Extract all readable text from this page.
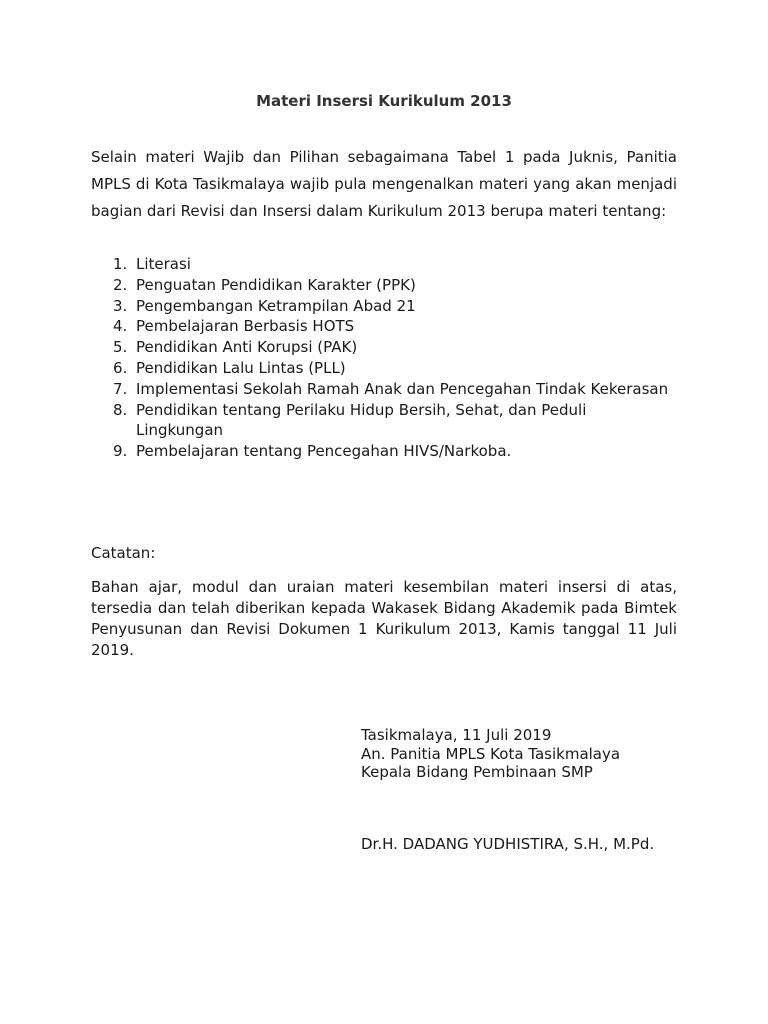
Materi Insersi Kurikulum 2013

Selain materi Wajib dan Pilihan sebagaimana Tabel 1 pada Juknis, Panitia MPLS di Kota Tasikmalaya wajib pula mengenalkan materi yang akan menjadi bagian dari Revisi dan Insersi dalam Kurikulum 2013 berupa materi tentang:

1. Literasi
2. Penguatan Pendidikan Karakter (PPK)
3. Pengembangan Ketrampilan Abad 21
4. Pembelajaran Berbasis HOTS
5. Pendidikan Anti Korupsi (PAK)
6. Pendidikan Lalu Lintas (PLL)
7. Implementasi Sekolah Ramah Anak dan Pencegahan Tindak Kekerasan
8. Pendidikan tentang Perilaku Hidup Bersih, Sehat, dan Peduli Lingkungan
9. Pembelajaran tentang Pencegahan HIVS/Narkoba.
Catatan:

Bahan ajar, modul dan uraian materi kesembilan materi insersi di atas, tersedia dan telah diberikan kepada Wakasek Bidang Akademik pada Bimtek Penyusunan dan Revisi Dokumen 1 Kurikulum 2013, Kamis tanggal 11 Juli 2019.

Tasikmalaya, 11 Juli 2019
An. Panitia MPLS Kota Tasikmalaya
Kepala Bidang Pembinaan SMP
Dr.H. DADANG YUDHISTIRA, S.H., M.Pd.
